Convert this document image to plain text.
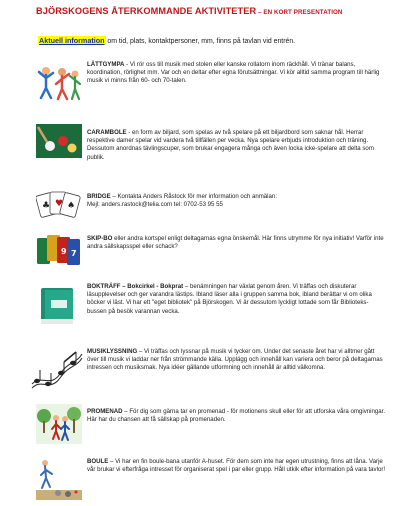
BJÖRSKOGENS ÅTERKOMMANDE AKTIVITETER – EN KORT PRESENTATION
Aktuell information om tid, plats, kontaktpersoner, mm, finns på tavlan vid entrén.
LÄTTGYMPA - Vi rör oss till musik med stolen eller kanske rollatorn inom räckhåll. Vi tränar balans, koordination, rörlighet mm. Var och en deltar efter egna förutsättningar. Vi kör alltid samma program till härlig musik vi minns från 60- och 70-talen.
CARAMBOLE - en form av biljard, som spelas av två spelare på ett biljardbord som saknar hål. Herrar respektive damer spelar vid vardera två tillfällen per vecka. Nya spelare erbjuds introduktion och träning. Dessutom anordnas tävlingscuper, som brukar engagera många och även locka icke-spelare att delta som publik.
♥ ♠
♣
BRIDGE – Kontakta Anders Råstock för mer information och anmälan:
Mejl: anders.rastock@telia.com tel: 0702-53 95 55
9 7
SKIP-BO eller andra kortspel enligt deltagarnas egna önskemål. Här finns utrymme för nya initiativ! Varför inte andra sällskapsspel eller schack?
BOKTRÄFF – Bokcirkel - Bokprat – benämningen har växlat genom åren. Vi träffas och diskuterar läsupplevelser och ger varandra lästips. Ibland läser alla i gruppen samma bok, ibland berättar vi om olika böcker vi läst. Vi har ett "eget bibliotek" på Björskogen. Vi är dessutom lyckligt lottade som får Biblioteks-bussen på besök varannan vecka.
MUSIKLYSSNING – Vi träffas och lyssnar på musik vi tycker om. Under det senaste året har vi alltmer gått över till musik vi laddar ner från strömmande källa. Upplägg och innehåll kan variera och beror på deltagarnas intressen och musiksmak. Nya idéer gällande utformning och innehåll är alltid välkomna.
PROMENAD – För dig som gärna tar en promenad - för motionens skull eller för att utforska våra omgivningar. Här har du chansen att få sällskap på promenaden.
BOULE – Vi har en fin boule-bana utanför A-huset. För dem som inte har egen utrustning, finns att låna. Varje vår brukar vi efterfråga intresset för organiserat spel i par eller grupp. Håll utkik efter information på vara tavlor!
